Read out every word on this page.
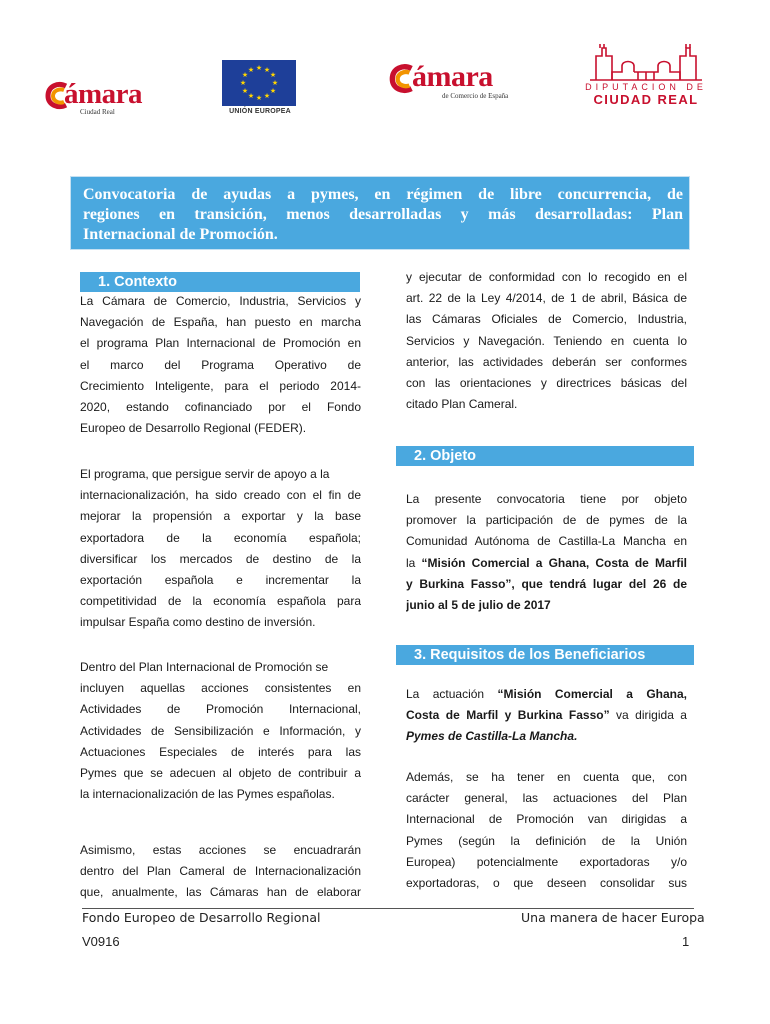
ámara
Ciudad Real
★ ★
★
★
★
★
★
★
★
★
★
★
UNIÓN EUROPEA
ámara
de Comercio de España
DIPUTACION DE
CIUDAD REAL
Convocatoria de ayudas a pymes, en régimen de libre concurrencia, de
regiones en transición, menos desarrolladas y más desarrolladas: Plan
Internacional de Promoción.
1. Contexto
2. Objeto
3. Requisitos de los Beneficiarios
La Cámara de Comercio, Industria, Servicios y
Navegación de España, han puesto en marcha
el programa Plan Internacional de Promoción en
el marco del Programa Operativo de
Crecimiento Inteligente, para el periodo 2014-
2020, estando cofinanciado por el Fondo
Europeo de Desarrollo Regional (FEDER).
El programa, que persigue servir de apoyo a la
internacionalización, ha sido creado con el fin de
mejorar la propensión a exportar y la base
exportadora de la economía española;
diversificar los mercados de destino de la
exportación española e incrementar la
competitividad de la economía española para
impulsar España como destino de inversión.
Dentro del Plan Internacional de Promoción se
incluyen aquellas acciones consistentes en
Actividades de Promoción Internacional,
Actividades de Sensibilización e Información, y
Actuaciones Especiales de interés para las
Pymes que se adecuen al objeto de contribuir a
la internacionalización de las Pymes españolas.
Asimismo, estas acciones se encuadrarán
dentro del Plan Cameral de Internacionalización
que, anualmente, las Cámaras han de elaborar
y ejecutar de conformidad con lo recogido en el
art. 22 de la Ley 4/2014, de 1 de abril, Básica de
las Cámaras Oficiales de Comercio, Industria,
Servicios y Navegación. Teniendo en cuenta lo
anterior, las actividades deberán ser conformes
con las orientaciones y directrices básicas del
citado Plan Cameral.
La presente convocatoria tiene por objeto
promover la participación de de pymes de la
Comunidad Autónoma de Castilla-La Mancha en
la “Misión Comercial a Ghana, Costa de Marfil
y Burkina Fasso”, que tendrá lugar del 26 de
junio al 5 de julio de 2017
La actuación “Misión Comercial a Ghana,
Costa de Marfil y Burkina Fasso” va dirigida a
Pymes de Castilla-La Mancha.
Además, se ha tener en cuenta que, con
carácter general, las actuaciones del Plan
Internacional de Promoción van dirigidas a
Pymes (según la definición de la Unión
Europea) potencialmente exportadoras y/o
exportadoras, o que deseen consolidar sus
Fondo Europeo de Desarrollo Regional	Una manera de hacer Europa
V0916	1
